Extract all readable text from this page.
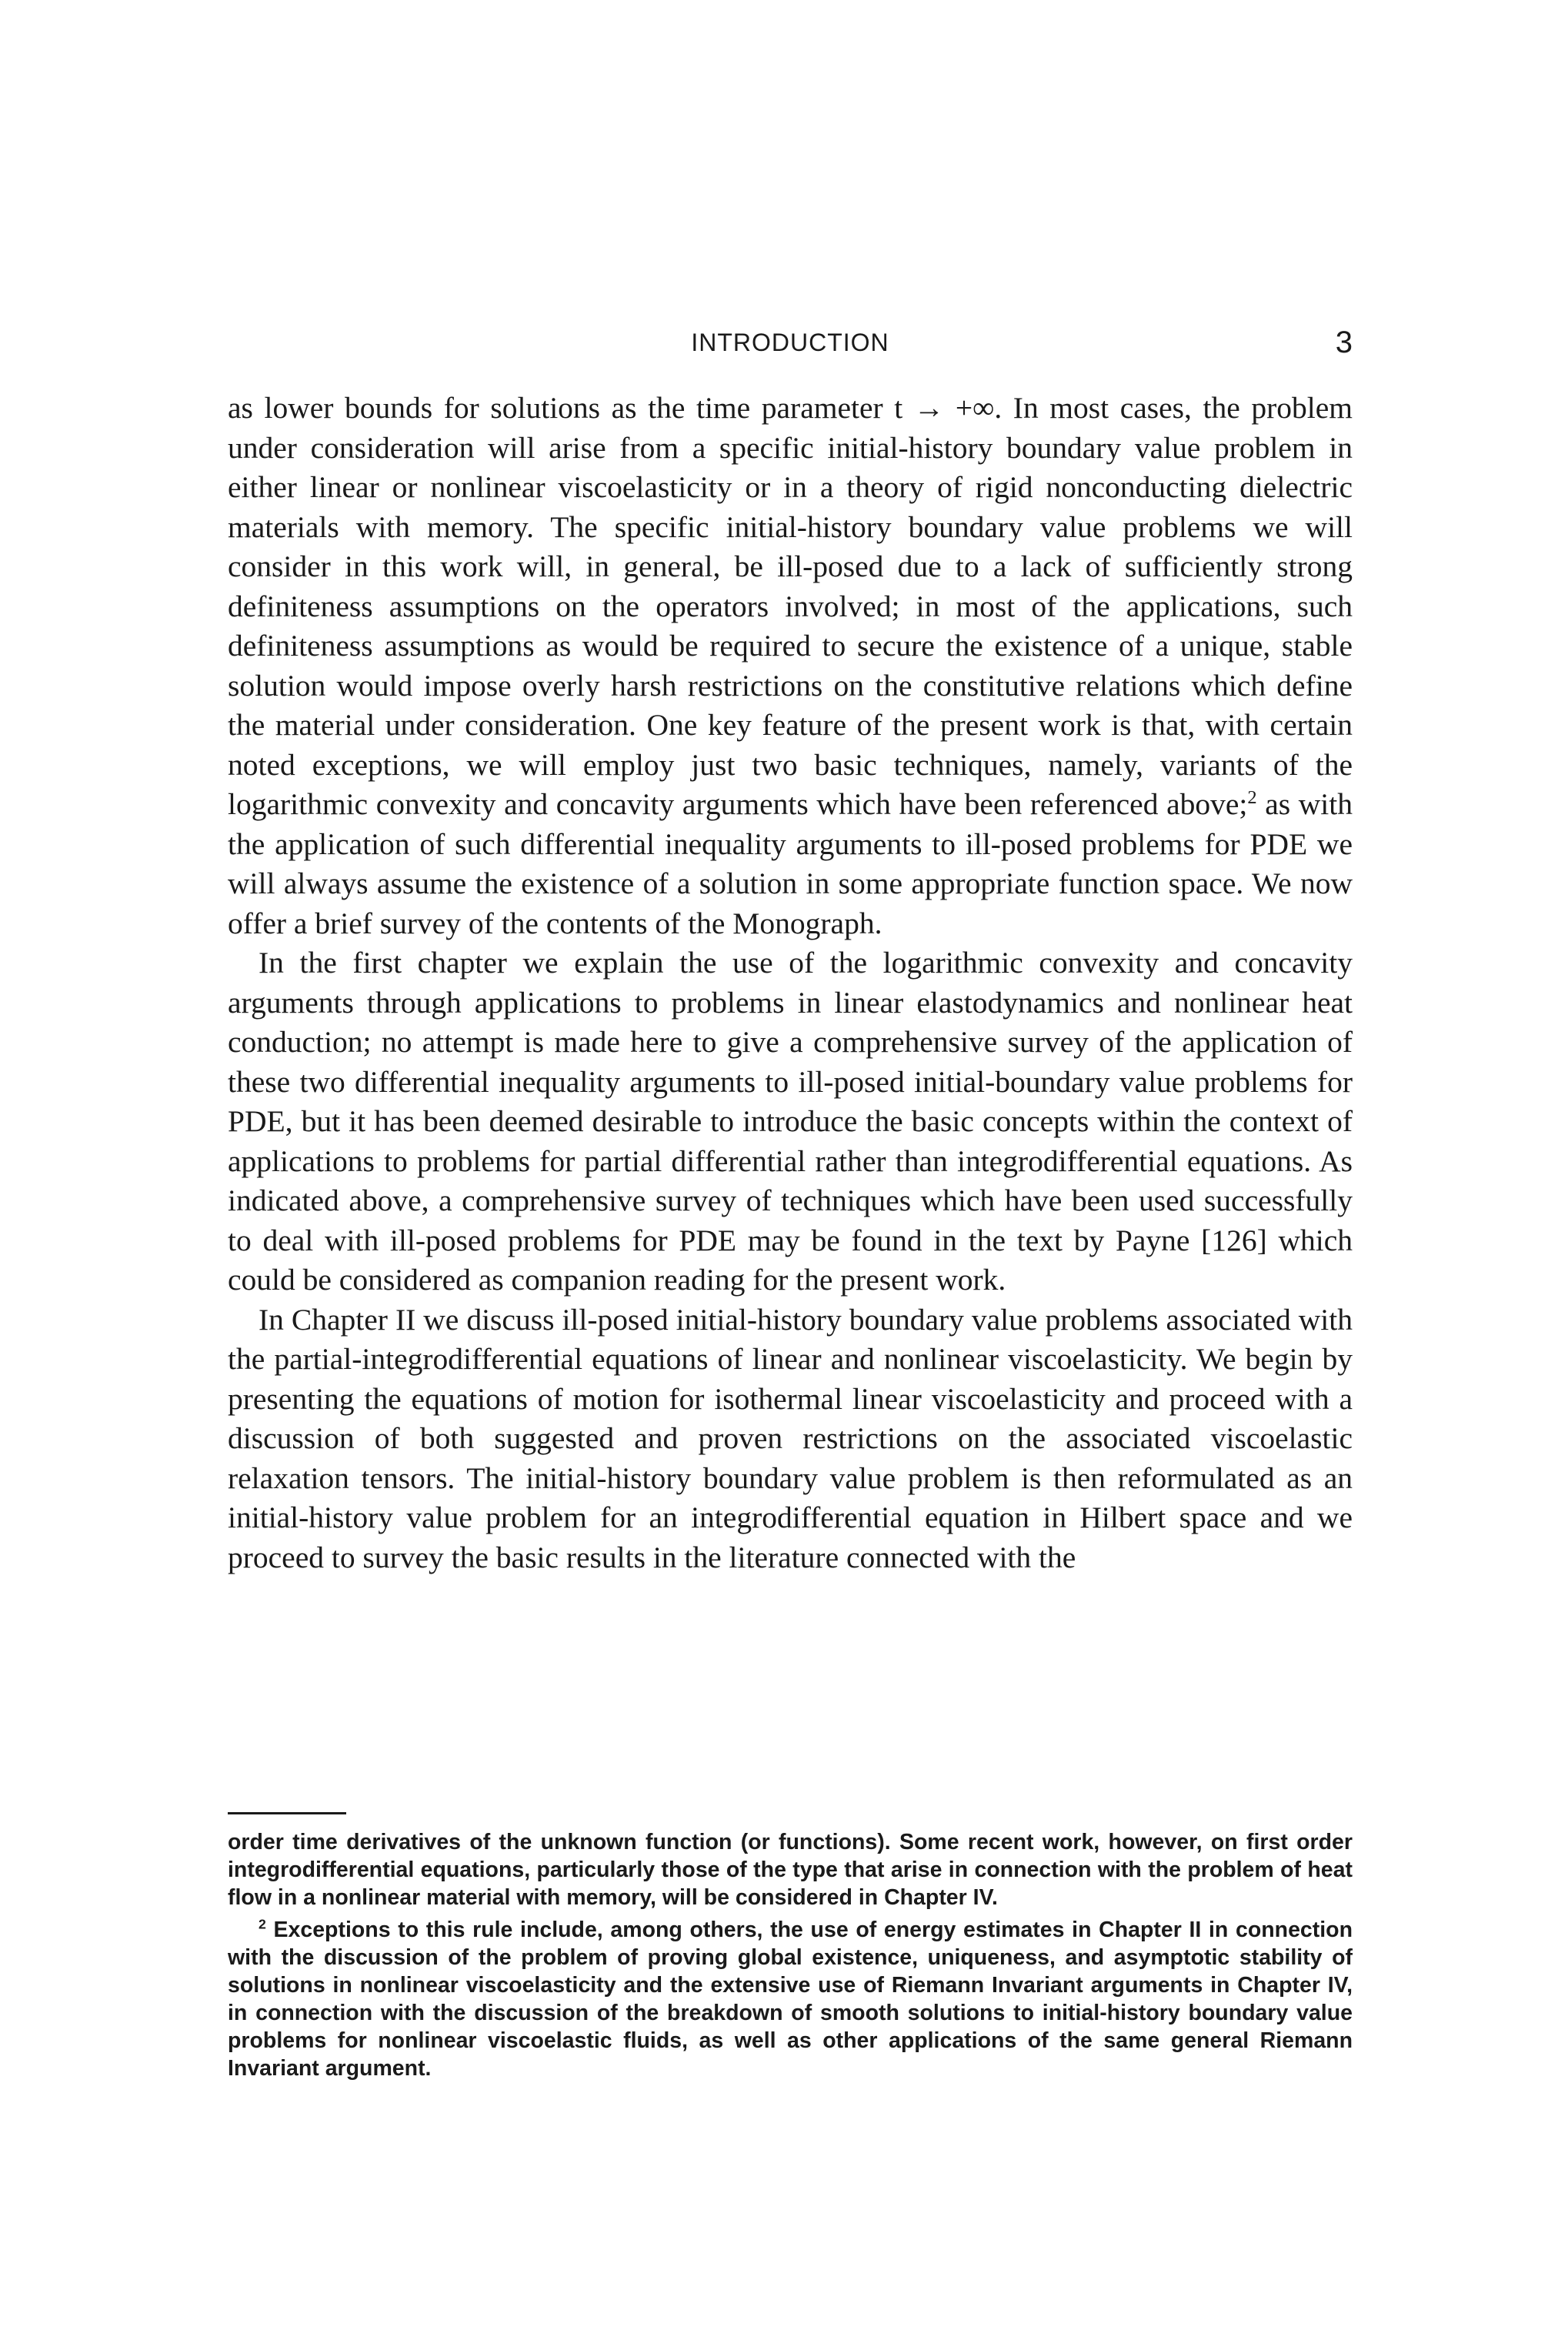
INTRODUCTION	3

as lower bounds for solutions as the time parameter t → +∞. In most cases, the problem under consideration will arise from a specific initial-history boundary value problem in either linear or nonlinear viscoelasticity or in a theory of rigid nonconducting dielectric materials with memory. The specific initial-history boundary value problems we will consider in this work will, in general, be ill-posed due to a lack of sufficiently strong definiteness assumptions on the operators involved; in most of the applications, such definiteness assumptions as would be required to secure the existence of a unique, stable solution would impose overly harsh restrictions on the constitutive relations which define the material under consideration. One key feature of the present work is that, with certain noted exceptions, we will employ just two basic techniques, namely, variants of the logarithmic convexity and concavity arguments which have been referenced above;$^2$ as with the application of such differential inequality arguments to ill-posed problems for PDE we will always assume the existence of a solution in some appropriate function space. We now offer a brief survey of the contents of the Monograph.

In the first chapter we explain the use of the logarithmic convexity and concavity arguments through applications to problems in linear elastodynamics and nonlinear heat conduction; no attempt is made here to give a comprehensive survey of the application of these two differential inequality arguments to ill-posed initial-boundary value problems for PDE, but it has been deemed desirable to introduce the basic concepts within the context of applications to problems for partial differential rather than integrodifferential equations. As indicated above, a comprehensive survey of techniques which have been used successfully to deal with ill-posed problems for PDE may be found in the text by Payne [126] which could be considered as companion reading for the present work.

In Chapter II we discuss ill-posed initial-history boundary value problems associated with the partial-integrodifferential equations of linear and nonlinear viscoelasticity. We begin by presenting the equations of motion for isothermal linear viscoelasticity and proceed with a discussion of both suggested and proven restrictions on the associated viscoelastic relaxation tensors. The initial-history boundary value problem is then reformulated as an initial-history value problem for an integrodifferential equation in Hilbert space and we proceed to survey the basic results in the literature connected with the

order time derivatives of the unknown function (or functions). Some recent work, however, on first order integrodifferential equations, particularly those of the type that arise in connection with the problem of heat flow in a nonlinear material with memory, will be considered in Chapter IV.

$^2$ Exceptions to this rule include, among others, the use of energy estimates in Chapter II in connection with the discussion of the problem of proving global existence, uniqueness, and asymptotic stability of solutions in nonlinear viscoelasticity and the extensive use of Riemann Invariant arguments in Chapter IV, in connection with the discussion of the breakdown of smooth solutions to initial-history boundary value problems for nonlinear viscoelastic fluids, as well as other applications of the same general Riemann Invariant argument.
